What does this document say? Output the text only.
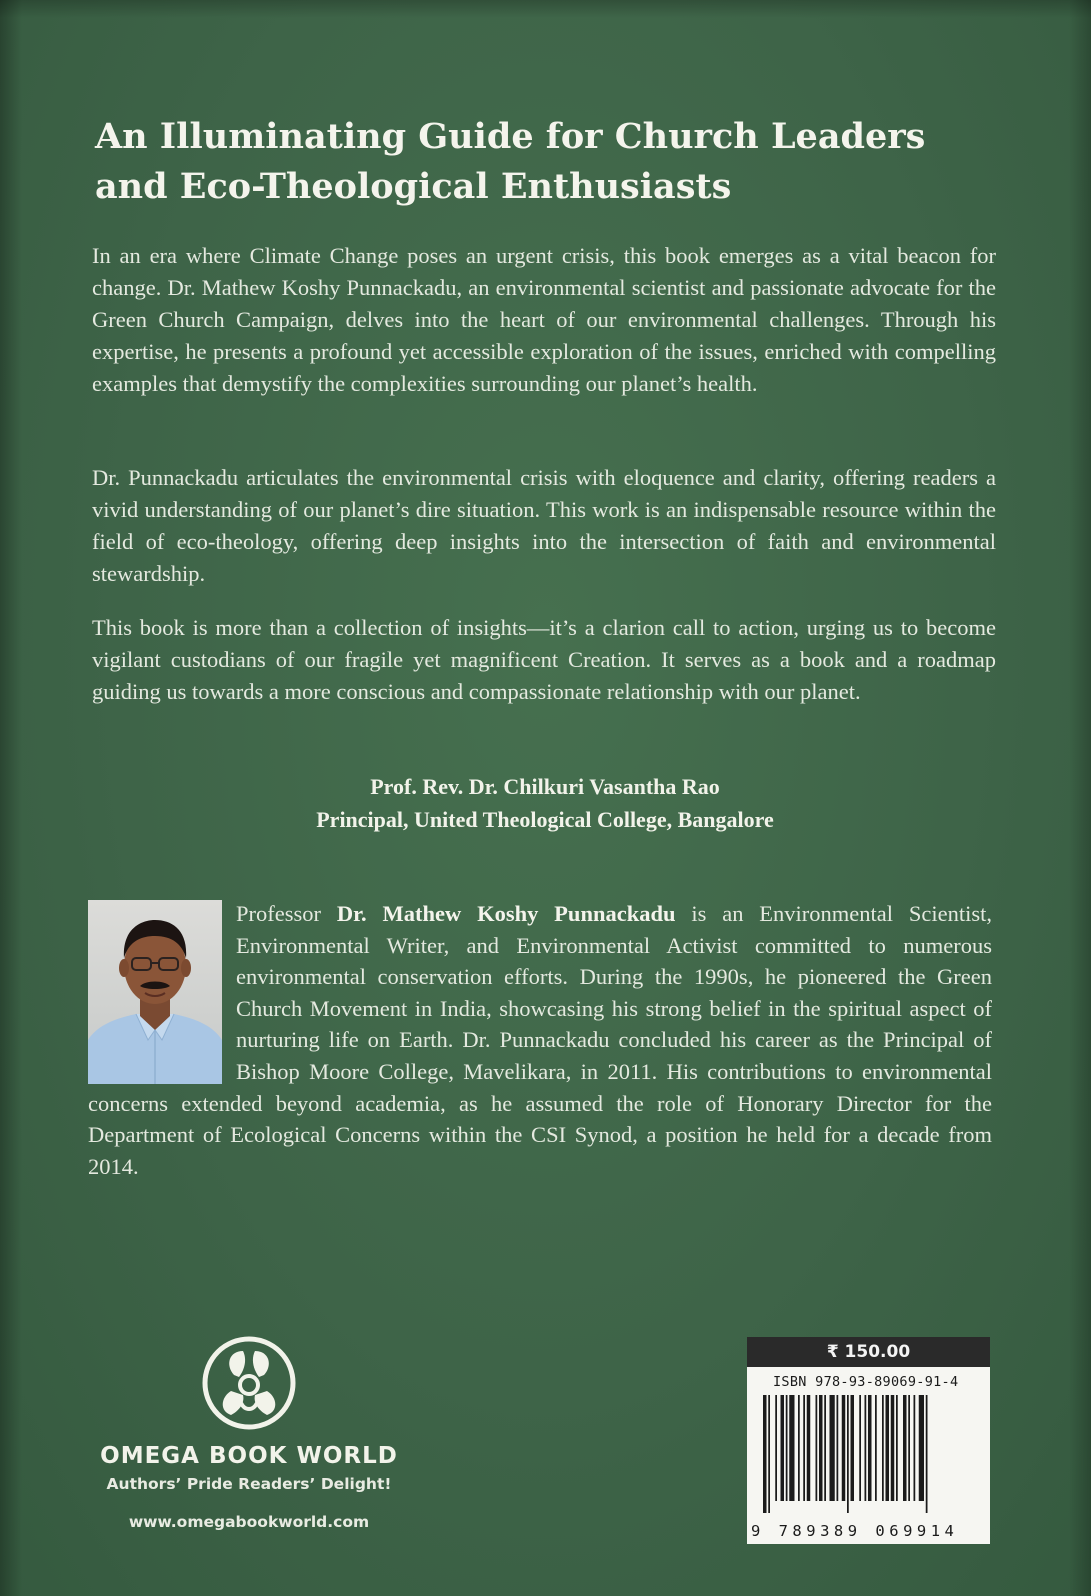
An Illuminating Guide for Church Leaders
and Eco-Theological Enthusiasts

In an era where Climate Change poses an urgent crisis, this book emerges as a vital beacon for change. Dr. Mathew Koshy Punnackadu, an environmental scientist and passionate advocate for the Green Church Campaign, delves into the heart of our environmental challenges. Through his expertise, he presents a profound yet accessible exploration of the issues, enriched with compelling examples that demystify the complexities surrounding our planet’s health.

Dr. Punnackadu articulates the environmental crisis with eloquence and clarity, offering readers a vivid understanding of our planet’s dire situation. This work is an indispensable resource within the field of eco-theology, offering deep insights into the intersection of faith and environmental stewardship.

This book is more than a collection of insights—it’s a clarion call to action, urging us to become vigilant custodians of our fragile yet magnificent Creation. It serves as a book and a roadmap guiding us towards a more conscious and compassionate relationship with our planet.

Prof. Rev. Dr. Chilkuri Vasantha Rao
Principal, United Theological College, Bangalore

Professor Dr. Mathew Koshy Punnackadu is an Environmental Scientist, Environmental Writer, and Environmental Activist committed to numerous environmental conservation efforts. During the 1990s, he pioneered the Green Church Movement in India, showcasing his strong belief in the spiritual aspect of nurturing life on Earth. Dr. Punnackadu concluded his career as the Principal of Bishop Moore College, Mavelikara, in 2011. His contributions to environmental concerns extended beyond academia, as he assumed the role of Honorary Director for the Department of Ecological Concerns within the CSI Synod, a position he held for a decade from 2014.

OMEGA BOOK WORLD
Authors’ Pride Readers’ Delight!
www.omegabookworld.com
₹ 150.00
ISBN 978-93-89069-91-4
9	789389 069914
